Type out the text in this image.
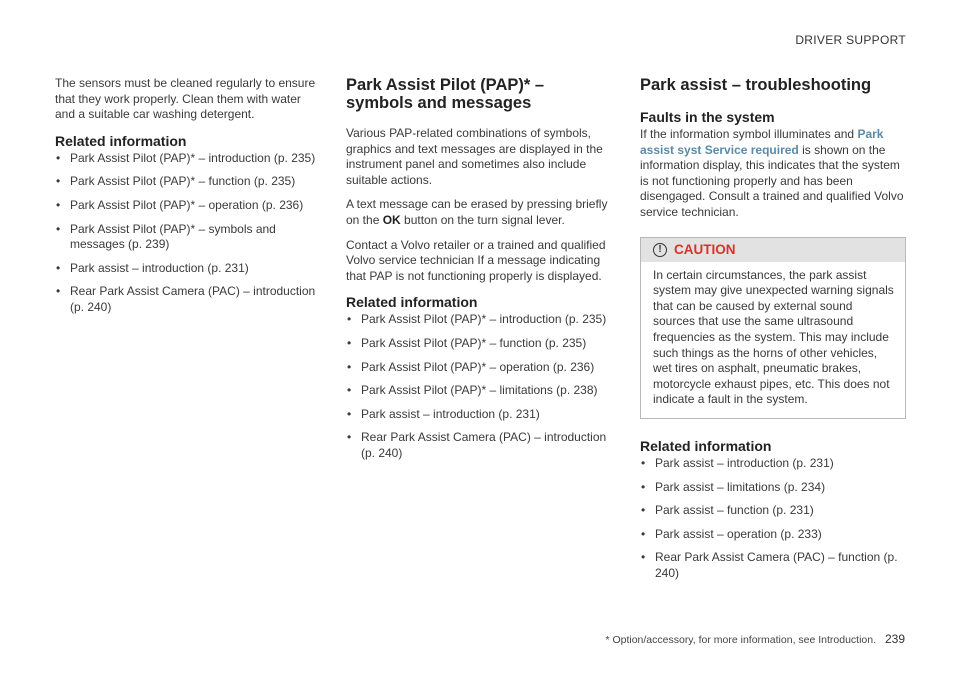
DRIVER SUPPORT

The sensors must be cleaned regularly to ensure that they work properly. Clean them with water and a suitable car washing detergent.

Related information
• Park Assist Pilot (PAP)* – introduction (p. 235)
• Park Assist Pilot (PAP)* – function (p. 235)
• Park Assist Pilot (PAP)* – operation (p. 236)
• Park Assist Pilot (PAP)* – symbols and messages (p. 239)
• Park assist – introduction (p. 231)
• Rear Park Assist Camera (PAC) – introduction (p. 240)
Park Assist Pilot (PAP)* – symbols and messages

Various PAP-related combinations of symbols, graphics and text messages are displayed in the instrument panel and sometimes also include suitable actions.

A text message can be erased by pressing briefly on the OK button on the turn signal lever.

Contact a Volvo retailer or a trained and qualified Volvo service technician If a message indicating that PAP is not functioning properly is displayed.

Related information
• Park Assist Pilot (PAP)* – introduction (p. 235)
• Park Assist Pilot (PAP)* – function (p. 235)
• Park Assist Pilot (PAP)* – operation (p. 236)
• Park Assist Pilot (PAP)* – limitations (p. 238)
• Park assist – introduction (p. 231)
• Rear Park Assist Camera (PAC) – introduction (p. 240)
Park assist – troubleshooting
Faults in the system

If the information symbol illuminates and Park assist syst Service required is shown on the information display, this indicates that the system is not functioning properly and has been disengaged. Consult a trained and qualified Volvo service technician.

! CAUTION
In certain circumstances, the park assist system may give unexpected warning signals that can be caused by external sound sources that use the same ultrasound frequencies as the system. This may include such things as the horns of other vehicles, wet tires on asphalt, pneumatic brakes, motorcycle exhaust pipes, etc. This does not indicate a fault in the system.
Related information
• Park assist – introduction (p. 231)
• Park assist – limitations (p. 234)
• Park assist – function (p. 231)
• Park assist – operation (p. 233)
• Rear Park Assist Camera (PAC) – function (p. 240)
* Option/accessory, for more information, see Introduction. 239
